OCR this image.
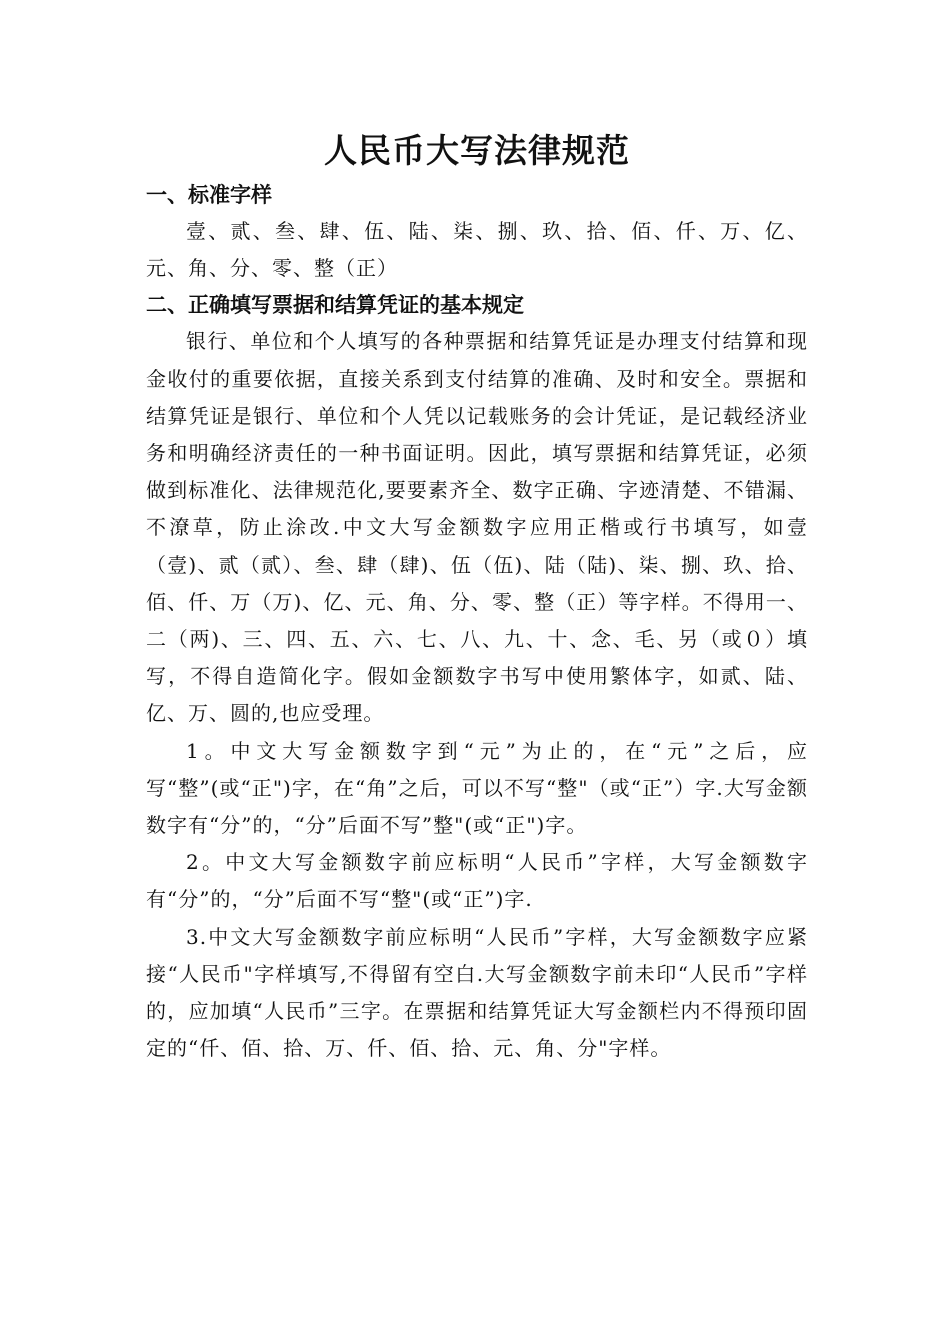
人民币大写法律规范
一、标准字样

壹、贰、叁、肆、伍、陆、柒、捌、玖、拾、佰、仟、万、亿、元、角、分、零、整（正）

二、正确填写票据和结算凭证的基本规定

银行、单位和个人填写的各种票据和结算凭证是办理支付结算和现金收付的重要依据，直接关系到支付结算的准确、及时和安全。票据和结算凭证是银行、单位和个人凭以记载账务的会计凭证，是记载经济业务和明确经济责任的一种书面证明。因此，填写票据和结算凭证，必须做到标准化、法律规范化,要要素齐全、数字正确、字迹清楚、不错漏、不潦草，防止涂改.中文大写金额数字应用正楷或行书填写，如壹（壹)、贰（贰）、叁、肆（肆)、伍（伍)、陆（陆)、柒、捌、玖、拾、佰、仟、万（万)、亿、元、角、分、零、整（正）等字样。不得用一、二（两)、三、四、五、六、七、八、九、十、念、毛、另（或０）填写，不得自造简化字。假如金额数字书写中使用繁体字，如贰、陆、亿、万、圆的,也应受理。

1。中文大写金额数字到“元”为止的，在“元”之后，应写“整”(或“正")字，在“角”之后，可以不写“整"（或“正”）字.大写金额数字有“分”的，“分”后面不写”整"(或“正")字。

2。中文大写金额数字前应标明“人民币”字样，大写金额数字有“分”的，“分”后面不写“整"(或“正”)字.

3.中文大写金额数字前应标明“人民币”字样，大写金额数字应紧接“人民币"字样填写,不得留有空白.大写金额数字前未印“人民币”字样的，应加填“人民币”三字。在票据和结算凭证大写金额栏内不得预印固定的“仟、佰、拾、万、仟、佰、拾、元、角、分"字样。
